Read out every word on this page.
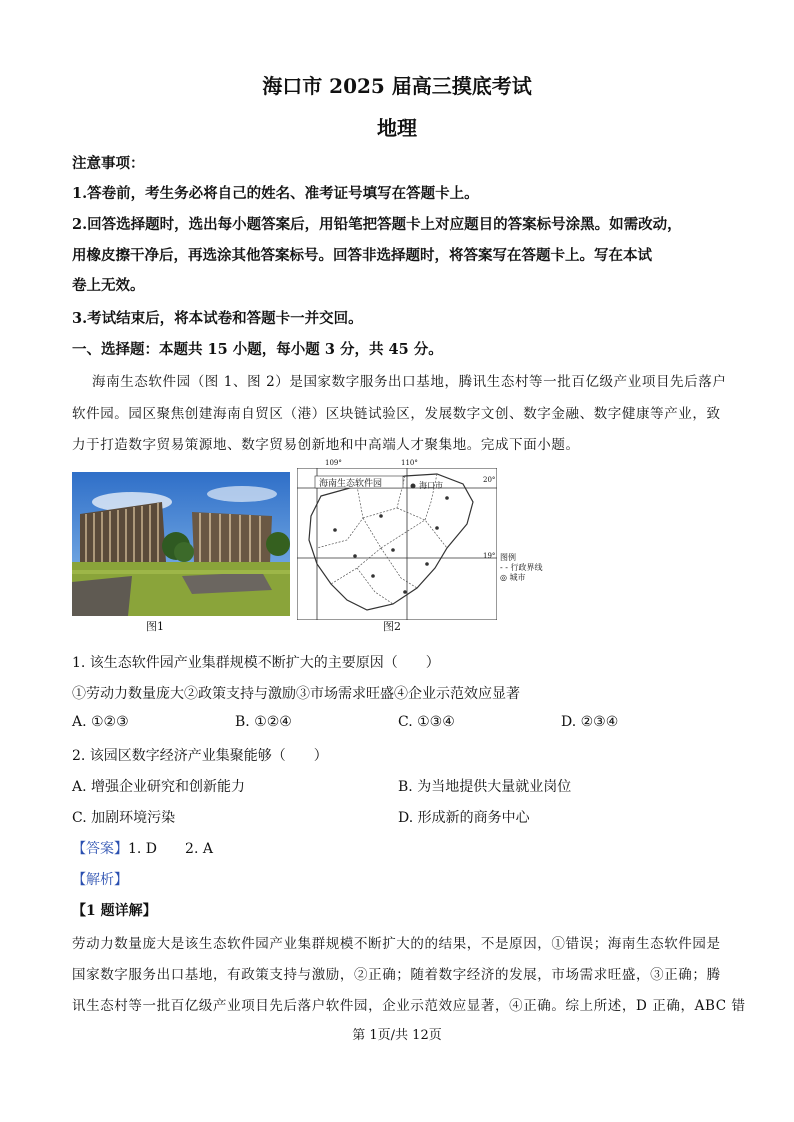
海口市 2025 届高三摸底考试
地理
注意事项：
1.答卷前，考生务必将自己的姓名、准考证号填写在答题卡上。
2.回答选择题时，选出每小题答案后，用铅笔把答题卡上对应题目的答案标号涂黑。如需改动，
用橡皮擦干净后，再选涂其他答案标号。回答非选择题时，将答案写在答题卡上。写在本试
卷上无效。
3.考试结束后，将本试卷和答题卡一并交回。
一、选择题：本题共 15 小题，每小题 3 分，共 45 分。
海南生态软件园（图 1、图 2）是国家数字服务出口基地，腾讯生态村等一批百亿级产业项目先后落户
软件园。园区聚焦创建海南自贸区（港）区块链试验区，发展数字文创、数字金融、数字健康等产业，致
力于打造数字贸易策源地、数字贸易创新地和中高端人才聚集地。完成下面小题。
图1
海南生态软件园	海口市
109°	110°
20°
19° 图例
- - 行政界线
◎ 城市
图2
1. 该生态软件园产业集群规模不断扩大的主要原因（　　）
①劳动力数量庞大②政策支持与激励③市场需求旺盛④企业示范效应显著
A. ①②③	B. ①②④	C. ①③④	D. ②③④
2. 该园区数字经济产业集聚能够（　　）
A. 增强企业研究和创新能力	B. 为当地提供大量就业岗位
C. 加剧环境污染	D. 形成新的商务中心
【答案】1. D　　2. A
【解析】
【1 题详解】
劳动力数量庞大是该生态软件园产业集群规模不断扩大的的结果，不是原因，①错误；海南生态软件园是
国家数字服务出口基地，有政策支持与激励，②正确；随着数字经济的发展，市场需求旺盛，③正确；腾
讯生态村等一批百亿级产业项目先后落户软件园，企业示范效应显著，④正确。综上所述，D 正确，ABC 错
第 1页/共 12页
